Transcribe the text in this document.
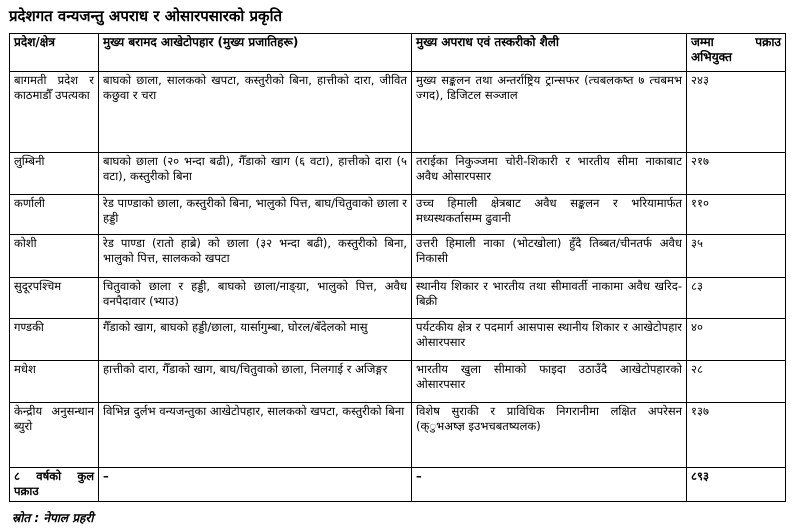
प्रदेशगत वन्यजन्तु अपराध र ओसारपसारको प्रकृति
प्रदेश/क्षेत्र	मुख्य बरामद आखेटोपहार (मुख्य प्रजातिहरू)	मुख्य अपराध एवं तस्करीको शैली	जम्मा पक्राउ अभियुक्त
बागमती प्रदेश र काठमाडौँ उपत्यका	बाघको छाला, सालकको खपटा, कस्तुरीको बिना, हात्तीको दारा, जीवित कछुवा र चरा	मुख्य सङ्कलन तथा अन्तर्राष्ट्रिय ट्रान्सफर (त्चबलकष्त ७ त्चबमभ ज्गद), डिजिटल सञ्जाल	२४३
लुम्बिनी	बाघको छाला (२० भन्दा बढी), गैँडाको खाग (६ वटा), हात्तीको दारा (५ वटा), कस्तुरीको बिना	तराईका निकुञ्जमा चोरी-शिकारी र भारतीय सीमा नाकाबाट अवैध ओसारपसार	२१७
कर्णाली	रेड पाण्डाको छाला, कस्तुरीको बिना, भालुको पित्त, बाघ/चितुवाको छाला र हड्डी	उच्च हिमाली क्षेत्रबाट अवैध सङ्कलन र भरियामार्फत मध्यस्थकर्तासम्म ढुवानी	११०
कोशी	रेड पाण्डा (रातो हाब्रे) को छाला (३२ भन्दा बढी), कस्तुरीको बिना, भालुको पित्त, सालकको खपटा	उत्तरी हिमाली नाका (भोटखोला) हुँदै तिब्बत/चीनतर्फ अवैध निकासी	३५
सुदूरपश्चिम	चितुवाको छाला र हड्डी, बाघको छाला/नाङ्ग्रा, भालुको पित्त, अवैध वनपैदावार (भ्याउ)	स्थानीय शिकार र भारतीय तथा सीमावर्ती नाकामा अवैध खरिद-बिक्री	८३
गण्डकी	गैँडाको खाग, बाघको हड्डी/छाला, यार्सागुम्बा, घोरल/बँदेलको मासु	पर्यटकीय क्षेत्र र पदमार्ग आसपास स्थानीय शिकार र आखेटोपहार ओसारपसार	४०
मधेश	हात्तीको दारा, गैँडाको खाग, बाघ/चितुवाको छाला, निलगाई र अजिङ्गर	भारतीय खुला सीमाको फाइदा उठाउँदै आखेटोपहारको ओसारपसार	२८
केन्द्रीय अनुसन्धान ब्युरो	विभिन्न दुर्लभ वन्यजन्तुका आखेटोपहार, सालकको खपटा, कस्तुरीको बिना	विशेष सुराकी र प्राविधिक निगरानीमा लक्षित अपरेसन (क्ुभअष्ज्ञ इउभचबतष्यलक)	१३७
८ वर्षको कुल पक्राउ	–	–	८९३
स्रोत : नेपाल प्रहरी
